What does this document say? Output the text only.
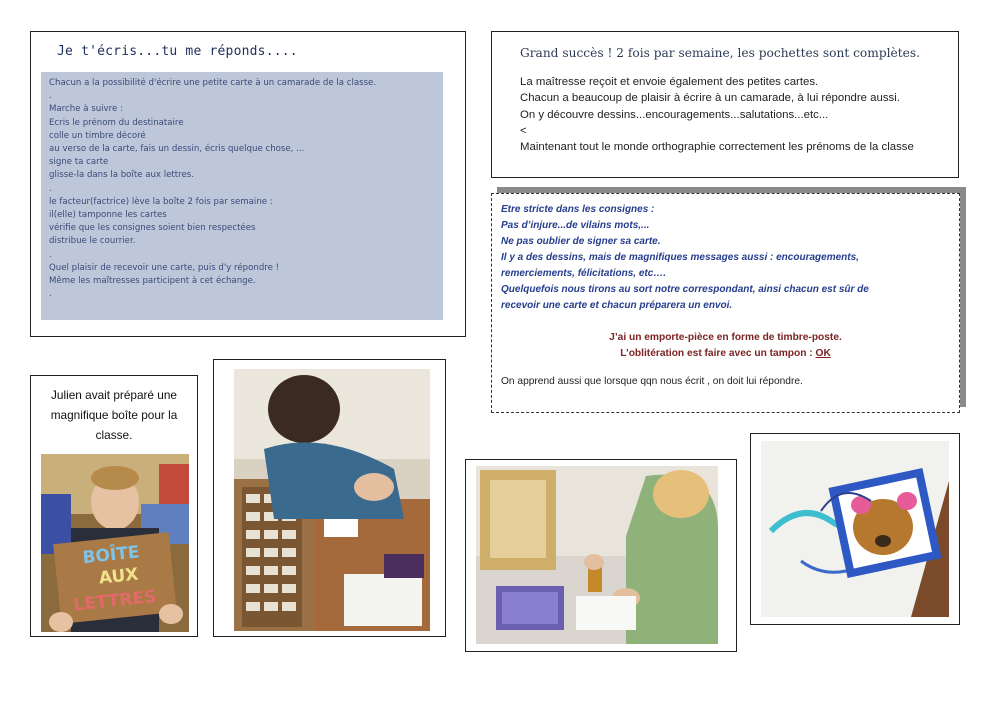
Je t'écris...tu me réponds....
Chacun a la possibilité d'écrire une petite carte à un camarade de la classe.
.
Marche à suivre :
Ecris le prénom du destinataire
colle un timbre décoré
au verso de la carte, fais un dessin, écris quelque chose, ...
signe ta carte
glisse-la dans la boîte aux lettres.
.
le facteur(factrice) lève la boîte 2 fois par semaine :
il(elle) tamponne les cartes
vérifie que les consignes soient bien respectées
distribue le courrier.
.
Quel plaisir de recevoir une carte, puis d'y répondre !
Même les maîtresses participent à cet échange.
.
Grand succès ! 2 fois par semaine, les pochettes sont complètes.
La maîtresse reçoit et envoie également des petites cartes.
Chacun a beaucoup de plaisir à écrire à un camarade, à lui répondre aussi.
On y découvre dessins...encouragements...salutations...etc...
<
Maintenant tout le monde orthographie correctement les prénoms de la classe
Etre stricte dans les consignes :
Pas d’injure...de vilains mots,...
Ne pas oublier de signer sa carte.
Il y a des dessins, mais de magnifiques messages aussi : encouragements,
remerciements, félicitations, etc….
Quelquefois nous tirons au sort notre correspondant, ainsi chacun est sûr de
recevoir une carte et chacun préparera un envoi.
J’ai un emporte-pièce en forme de timbre-poste.
L’oblitération est faire avec un tampon : OK
On apprend aussi que lorsque qqn nous écrit , on doit lui répondre.
Julien avait préparé une magnifique boîte pour la classe.
BOÎTE
AUX
LETTRES
